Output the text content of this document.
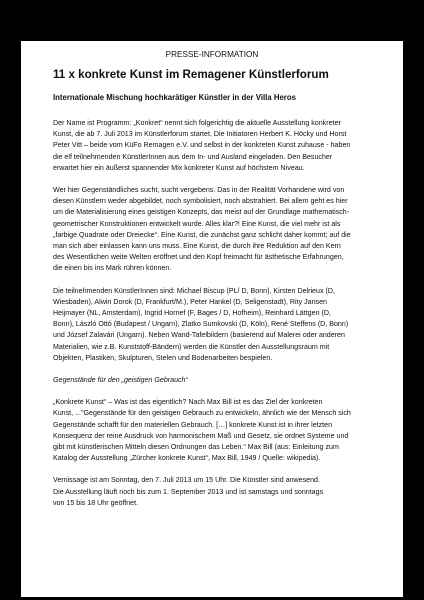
PRESSE-INFORMATION
11 x konkrete Kunst im Remagener Künstlerforum
Internationale Mischung hochkarätiger Künstler in der Villa Heros
Der Name ist Programm: „Konkret“ nennt sich folgerichtig die aktuelle Ausstellung konkreter
Kunst, die ab 7. Juli 2013 im Künstlerforum startet. Die Initiatoren Herbert K. Höcky und Horst
Peter Vitt – beide vom KüFo Remagen e.V. und selbst in der konkreten Kunst zuhause - haben
die elf teilnehmenden KünstlerInnen aus dem In- und Ausland eingeladen. Den Besucher
erwartet hier ein äußerst spannender Mix konkreter Kunst auf höchstem Niveau.
Wer hier Gegenständliches sucht, sucht vergebens. Das in der Realität Vorhandene wird von
diesen Künstlern weder abgebildet, noch symbolisiert, noch abstrahiert. Bei allem geht es hier
um die Materialisierung eines geistigen Konzepts, das meist auf der Grundlage mathematisch-
geometrischer Konstruktionen entwickelt wurde. Alles klar?! Eine Kunst, die viel mehr ist als
„farbige Quadrate oder Dreiecke“. Eine Kunst, die zunächst ganz schlicht daher kommt; auf die
man sich aber einlassen kann uns muss. Eine Kunst, die durch ihre Reduktion auf den Kern
des Wesentlichen weite Welten eröffnet und den Kopf freimacht für ästhetische Erfahrungen,
die einen bis ins Mark rühren können.
Die teilnehmenden KünstlerInnen sind: Michael Biscup (PL/ D, Bonn), Kirsten Delrieux (D,
Wiesbaden), Alwin Dorok (D, Frankfurt/M.), Peter Hankel (D, Seligenstadt), Rity Jansen
Heijmayer (NL, Amsterdam), Ingrid Hornef (F, Bages / D, Hofheim), Reinhard Lättgen (D,
Bonn), László Ottó (Budapest / Ungarn), Zlatko Sumkovski (D, Köln), René Steffens (D, Bonn)
und József Zalavári (Ungarn). Neben Wand-Tafelbildern (basierend auf Malerei oder anderen
Materialien, wie z.B. Kunststoff-Bändern) werden die Künstler den Ausstellungsraum mit
Objekten, Plastiken, Skulpturen, Stelen und Bodenarbeiten bespielen.
Gegenstände für den „geistigen Gebrauch“
„Konkrete Kunst“ – Was ist das eigentlich? Nach Max Bill ist es das Ziel der konkreten
Kunst, ..."Gegenstände für den geistigen Gebrauch zu entwickeln, ähnlich wie der Mensch sich
Gegenstände schafft für den materiellen Gebrauch. […] konkrete Kunst ist in ihrer letzten
Konsequenz der reine Ausdruck von harmonischem Maß und Gesetz, sie ordnet Systeme und
gibt mit künstlerischen Mitteln diesen Ordnungen das Leben.“ Max Bill (aus: Einleitung zum
Katalog der Ausstellung „Zürcher konkrete Kunst“, Max Bill, 1949 / Quelle: wikipedia).
Vernissage ist am Sonntag, den 7. Juli 2013 um 15 Uhr. Die Künstler sind anwesend.
Die Ausstellung läuft noch bis zum 1. September 2013 und ist samstags und sonntags
von 15 bis 18 Uhr geöffnet.
